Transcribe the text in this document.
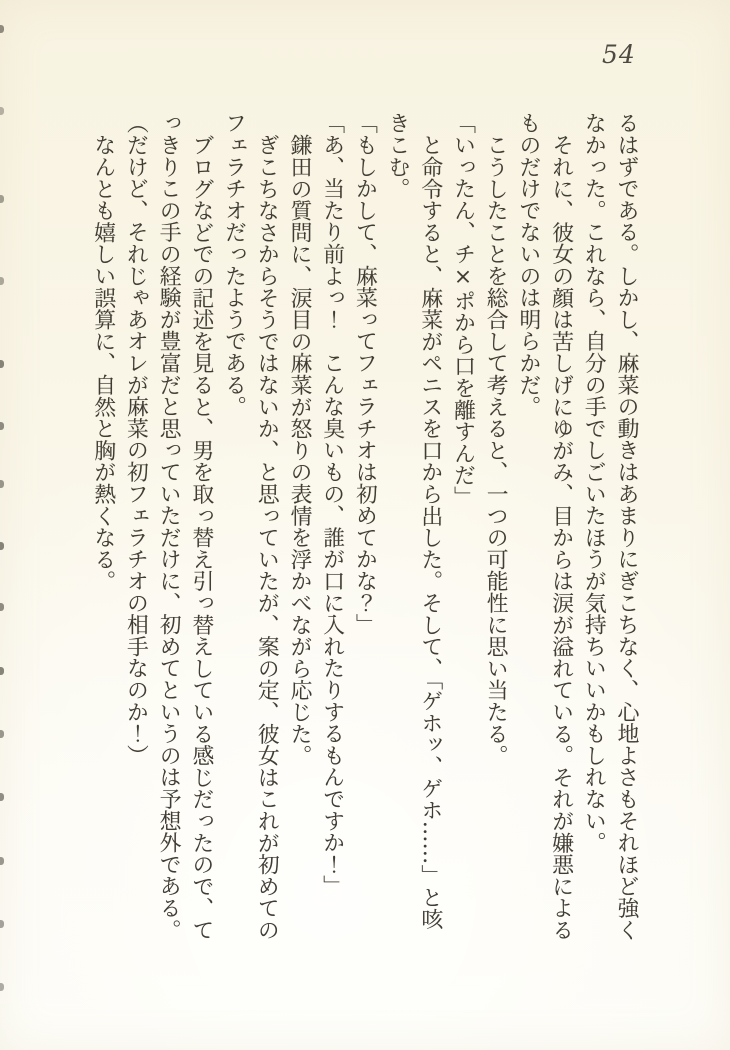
54

るはずである。しかし、麻菜の動きはあまりにぎこちなく、心地よさもそれほど強くなかった。これなら、自分の手でしごいたほうが気持ちいいかもしれない。

それに、彼女の顔は苦しげにゆがみ、目からは涙が溢れている。それが嫌悪によるものだけでないのは明らかだ。

こうしたことを総合して考えると、一つの可能性に思い当たる。

「いったん、チ×ポから口を離すんだ」

と命令すると、麻菜がペニスを口から出した。そして、「ゲホッ、ゲホ……」と咳きこむ。

「もしかして、麻菜ってフェラチオは初めてかな？」

「あ、当たり前よっ！　こんな臭いもの、誰が口に入れたりするもんですか！」

鎌田の質問に、涙目の麻菜が怒りの表情を浮かべながら応じた。

ぎこちなさからそうではないか、と思っていたが、案の定、彼女はこれが初めてのフェラチオだったようである。

ブログなどでの記述を見ると、男を取っ替え引っ替えしている感じだったので、てっきりこの手の経験が豊富だと思っていただけに、初めてというのは予想外である。

（だけど、それじゃあオレが麻菜の初フェラチオの相手なのか！）

なんとも嬉しい誤算に、自然と胸が熱くなる。
